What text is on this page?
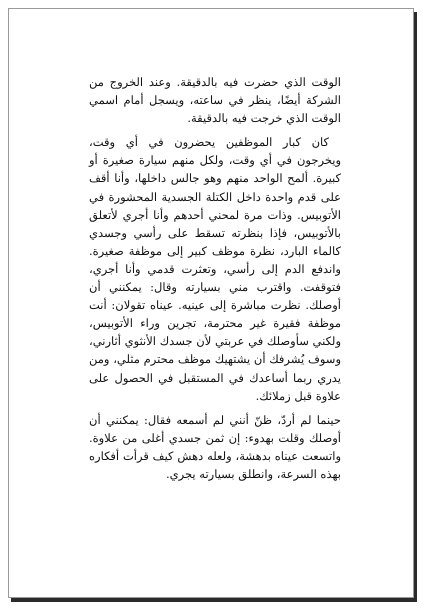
الوقت الذي حضرت فيه بالدقيقة. وعند الخروج من الشركة أيضًا، ينظر في ساعته، ويسجل أمام اسمي الوقت الذي خرجت فيه بالدقيقة.

كان كبار الموظفين يحضرون في أي وقت، ويخرجون في أي وقت، ولكل منهم سيارة صغيرة أو كبيرة. ألمح الواحد منهم وهو جالس داخلها، وأنا أقف على قدم واحدة داخل الكتلة الجسدية المحشورة في الأتوبيس. وذات مرة لمحني أحدهم وأنا أجري لأتعلق بالأتوبيس، فإذا بنظرته تسقط على رأسي وجسدي كالماء البارد، نظرة موظف كبير إلى موظفة صغيرة. واندفع الدم إلى رأسي، وتعثرت قدمي وأنا أجري، فتوقفت. واقترب مني بسيارته وقال: يمكنني أن أوصلك. نظرت مباشرة إلى عينيه. عيناه تقولان: أنت موظفة فقيرة غير محترمة، تجرين وراء الأتوبيس، ولكني سأوصلك في عربتي لأن جسدك الأنثوي أثارني، وسوف يُشرفك أن يشتهيك موظف محترم مثلي، ومن يدري ربما أساعدك في المستقبل في الحصول على علاوة قبل زملائك.

حينما لم أردّ، ظنّ أنني لم أسمعه فقال: يمكنني أن أوصلك وقلت بهدوء: إن ثمن جسدي أغلى من علاوة. واتسعت عيناه بدهشة، ولعله دهش كيف قرأت أفكاره بهذه السرعة، وانطلق بسيارته يجري.
